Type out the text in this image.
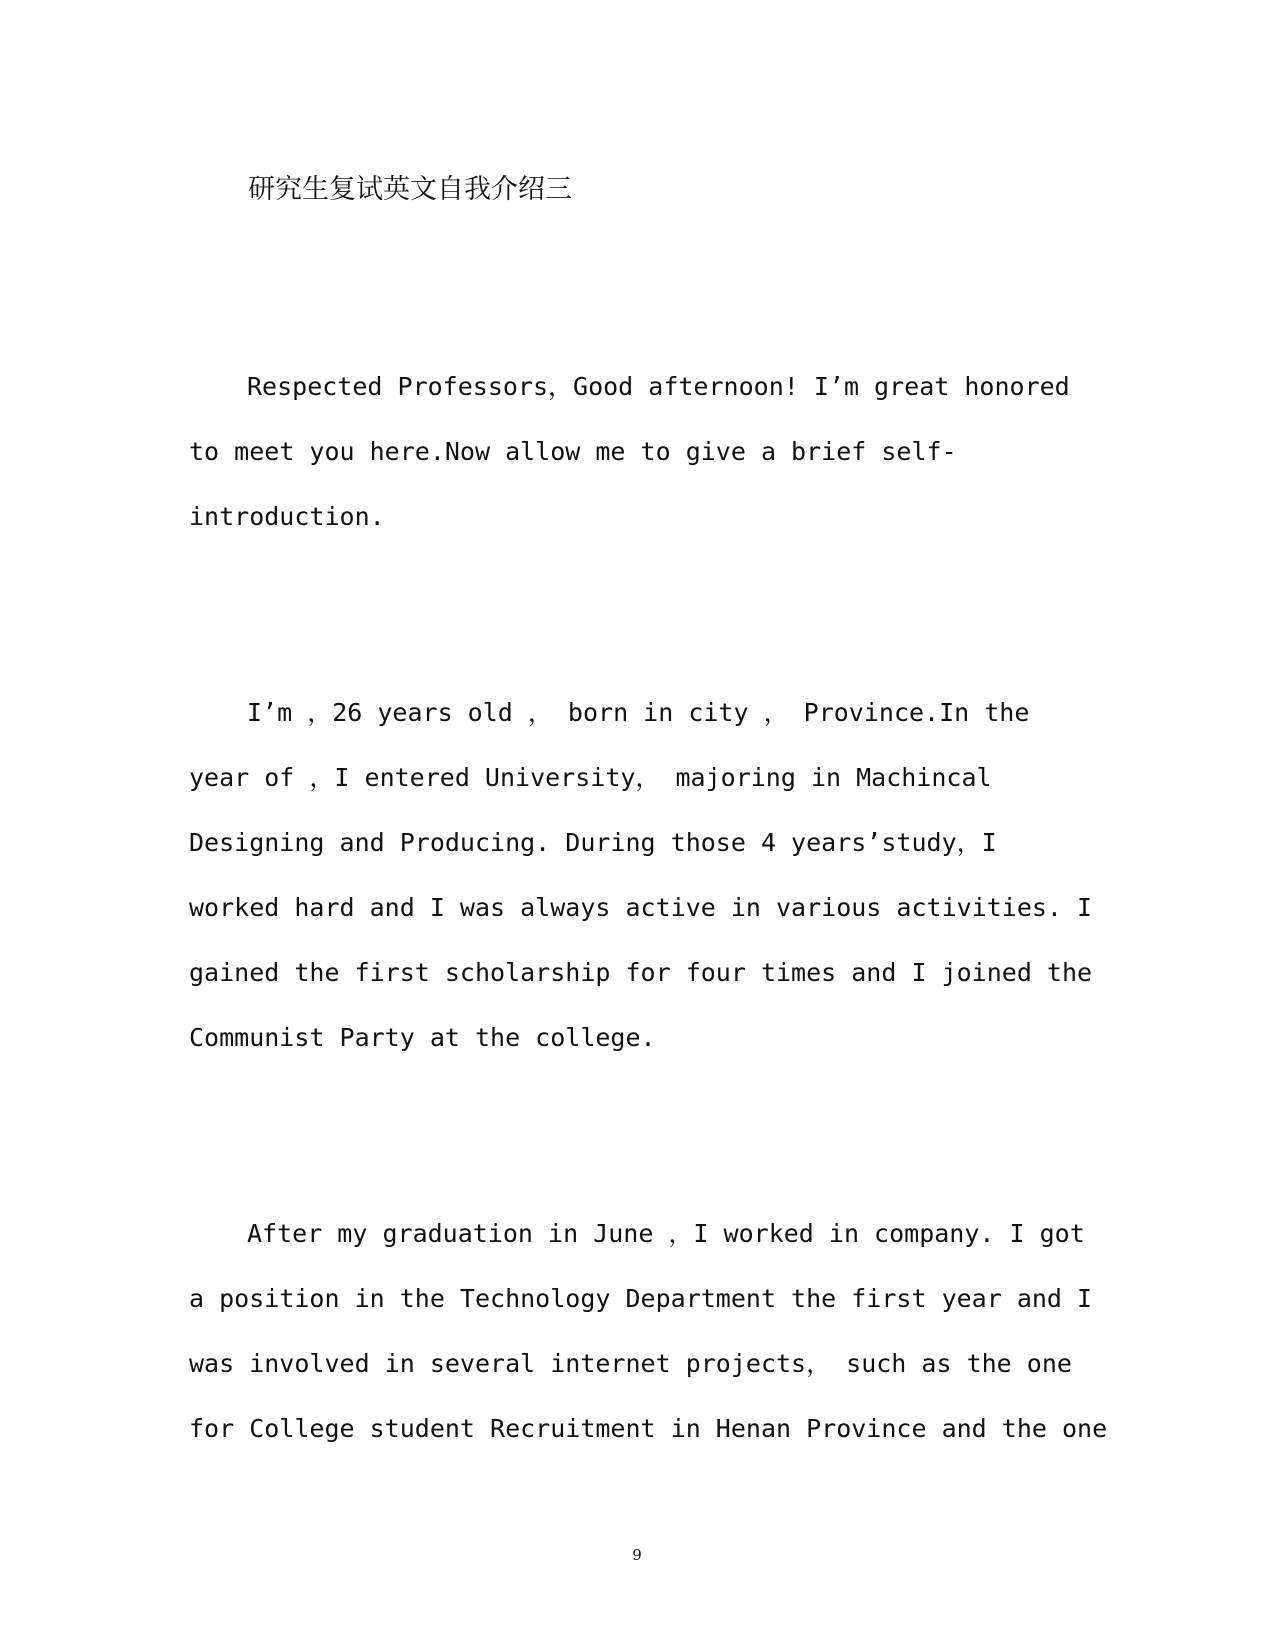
研究生复试英文自我介绍三
Respected Professors，Good afternoon! I’m great honored
to meet you here.Now allow me to give a brief self-
introduction.
I’m ，26 years old ， born in city ， Province.In the
year of ，I entered University， majoring in Machincal
Designing and Producing. During those 4 years’study，I
worked hard and I was always active in various activities. I
gained the first scholarship for four times and I joined the
Communist Party at the college.
After my graduation in June ，I worked in company. I got
a position in the Technology Department the first year and I
was involved in several internet projects， such as the one
for College student Recruitment in Henan Province and the one
9
